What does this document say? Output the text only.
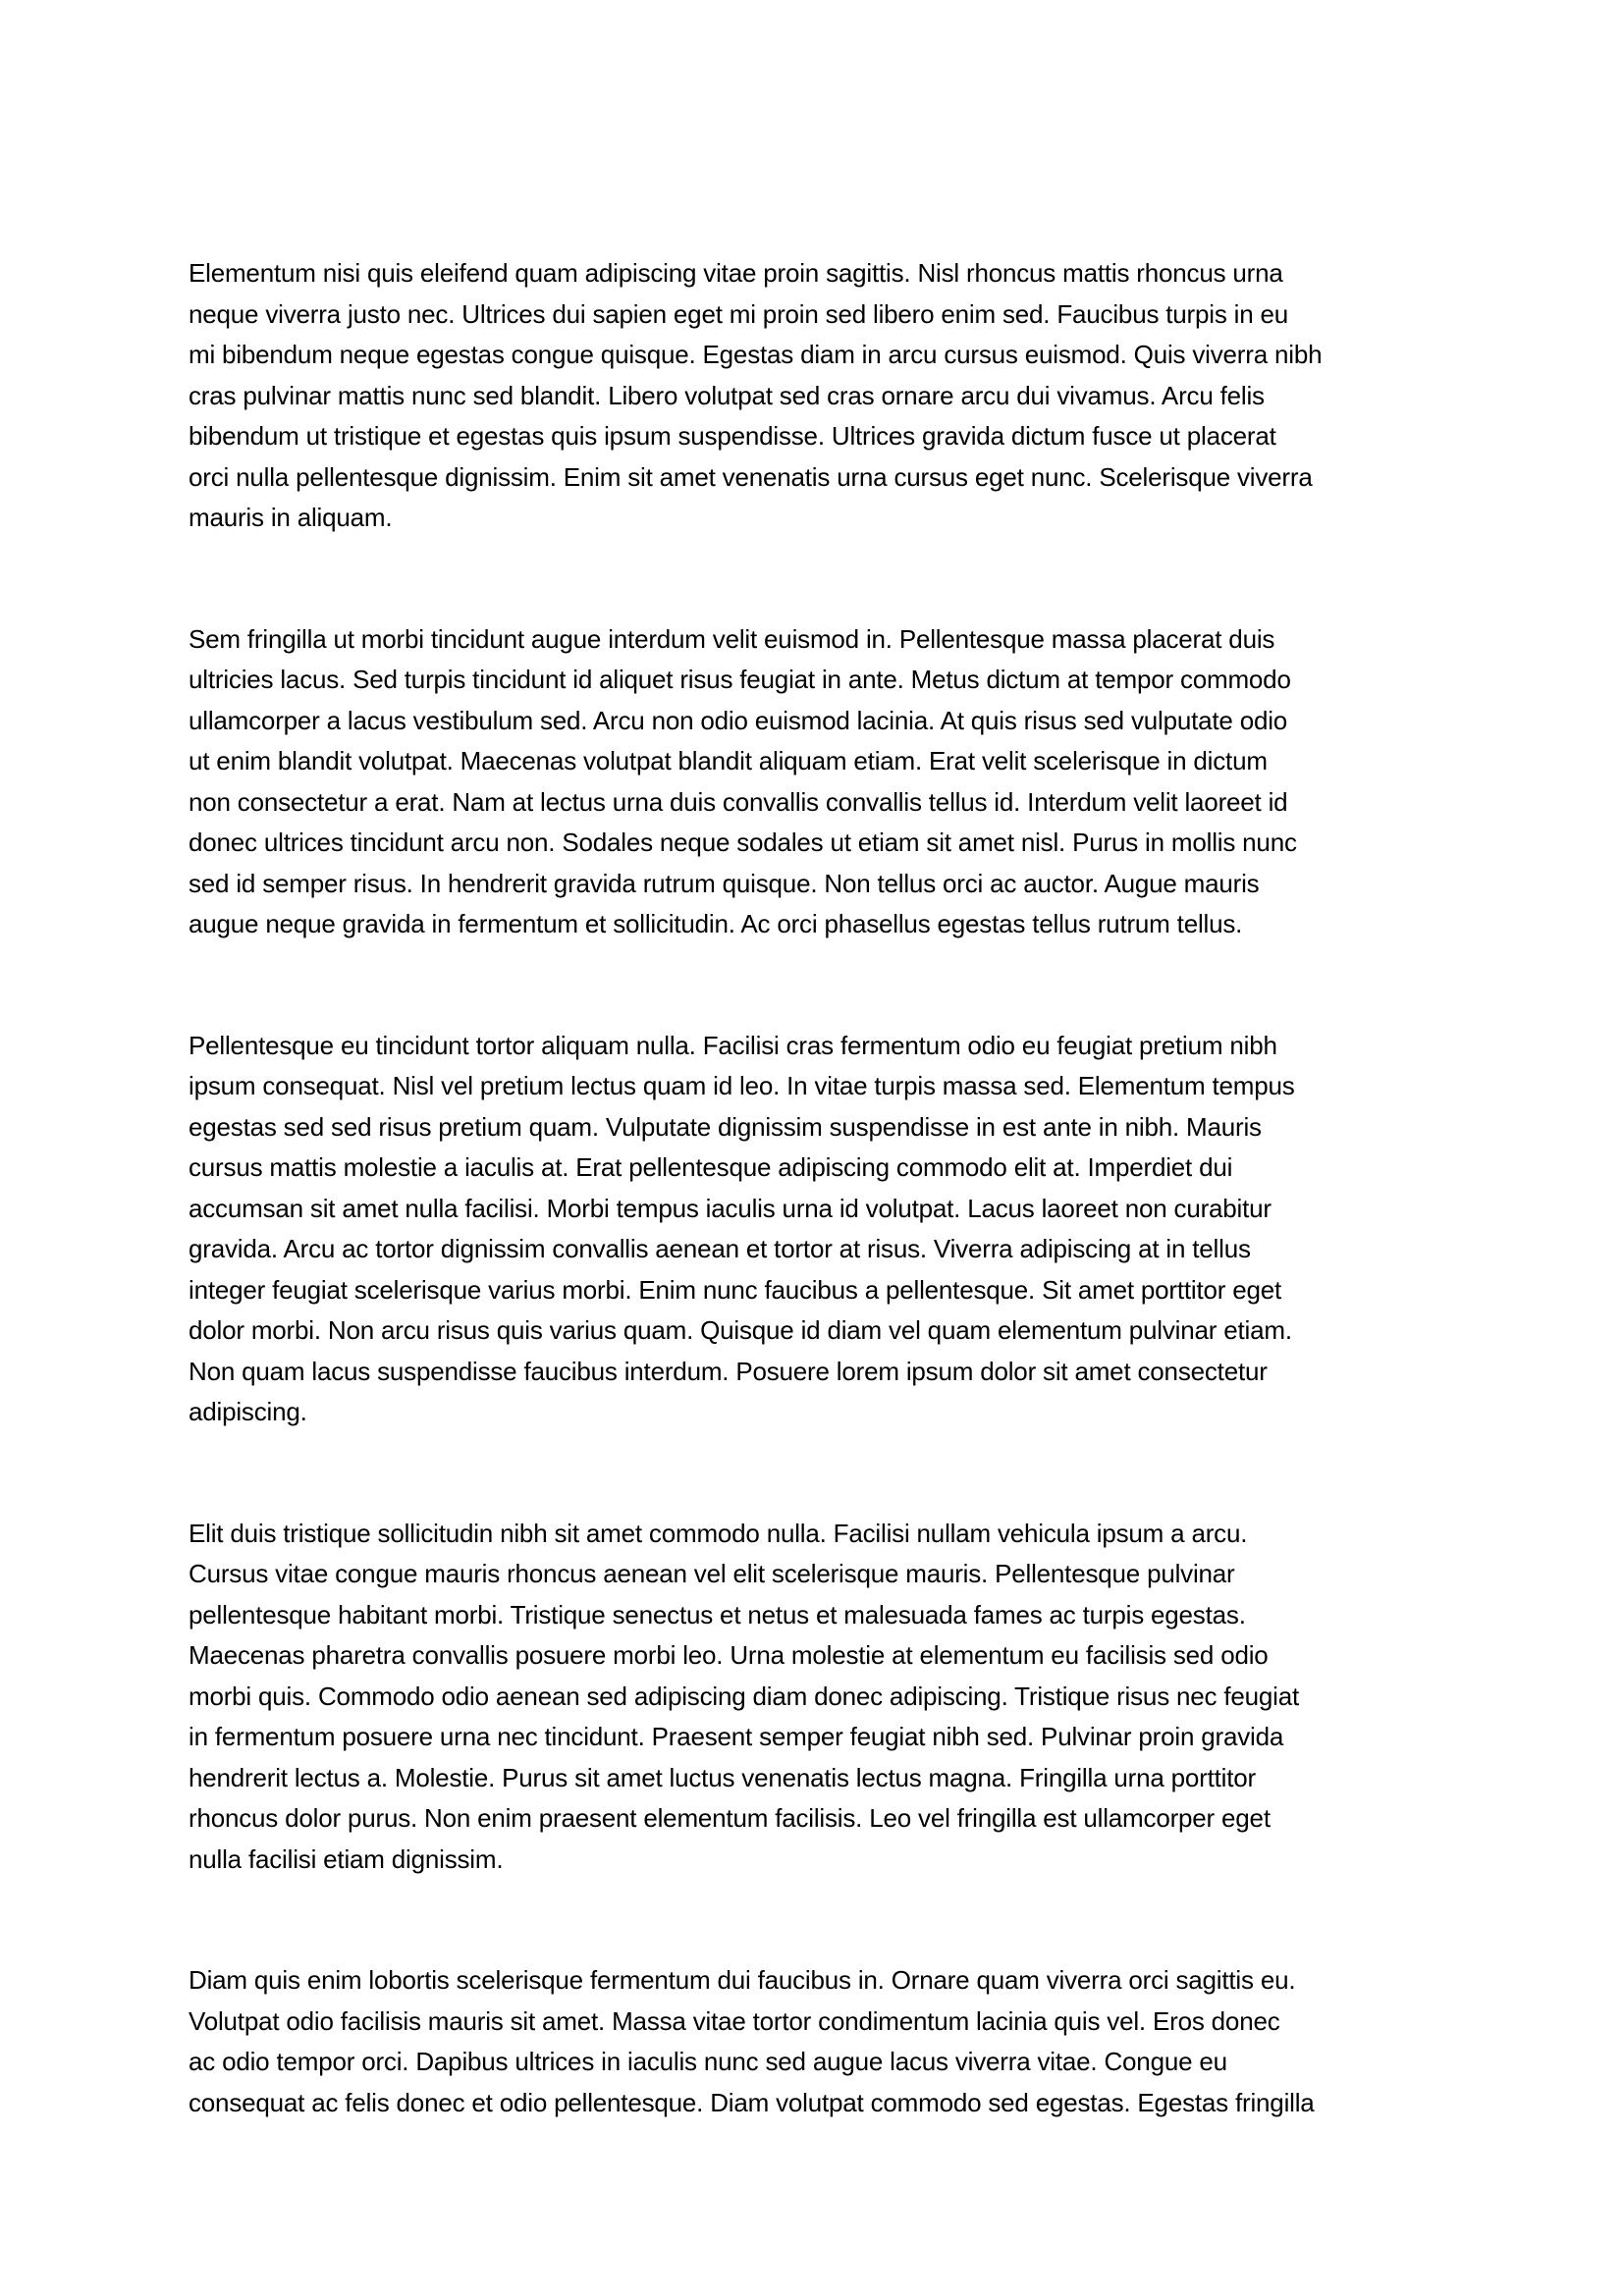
Elementum nisi quis eleifend quam adipiscing vitae proin sagittis. Nisl rhoncus mattis rhoncus urna
neque viverra justo nec. Ultrices dui sapien eget mi proin sed libero enim sed. Faucibus turpis in eu
mi bibendum neque egestas congue quisque. Egestas diam in arcu cursus euismod. Quis viverra nibh
cras pulvinar mattis nunc sed blandit. Libero volutpat sed cras ornare arcu dui vivamus. Arcu felis
bibendum ut tristique et egestas quis ipsum suspendisse. Ultrices gravida dictum fusce ut placerat
orci nulla pellentesque dignissim. Enim sit amet venenatis urna cursus eget nunc. Scelerisque viverra
mauris in aliquam.

Sem fringilla ut morbi tincidunt augue interdum velit euismod in. Pellentesque massa placerat duis
ultricies lacus. Sed turpis tincidunt id aliquet risus feugiat in ante. Metus dictum at tempor commodo
ullamcorper a lacus vestibulum sed. Arcu non odio euismod lacinia. At quis risus sed vulputate odio
ut enim blandit volutpat. Maecenas volutpat blandit aliquam etiam. Erat velit scelerisque in dictum
non consectetur a erat. Nam at lectus urna duis convallis convallis tellus id. Interdum velit laoreet id
donec ultrices tincidunt arcu non. Sodales neque sodales ut etiam sit amet nisl. Purus in mollis nunc
sed id semper risus. In hendrerit gravida rutrum quisque. Non tellus orci ac auctor. Augue mauris
augue neque gravida in fermentum et sollicitudin. Ac orci phasellus egestas tellus rutrum tellus.

Pellentesque eu tincidunt tortor aliquam nulla. Facilisi cras fermentum odio eu feugiat pretium nibh
ipsum consequat. Nisl vel pretium lectus quam id leo. In vitae turpis massa sed. Elementum tempus
egestas sed sed risus pretium quam. Vulputate dignissim suspendisse in est ante in nibh. Mauris
cursus mattis molestie a iaculis at. Erat pellentesque adipiscing commodo elit at. Imperdiet dui
accumsan sit amet nulla facilisi. Morbi tempus iaculis urna id volutpat. Lacus laoreet non curabitur
gravida. Arcu ac tortor dignissim convallis aenean et tortor at risus. Viverra adipiscing at in tellus
integer feugiat scelerisque varius morbi. Enim nunc faucibus a pellentesque. Sit amet porttitor eget
dolor morbi. Non arcu risus quis varius quam. Quisque id diam vel quam elementum pulvinar etiam.
Non quam lacus suspendisse faucibus interdum. Posuere lorem ipsum dolor sit amet consectetur
adipiscing.

Elit duis tristique sollicitudin nibh sit amet commodo nulla. Facilisi nullam vehicula ipsum a arcu.
Cursus vitae congue mauris rhoncus aenean vel elit scelerisque mauris. Pellentesque pulvinar
pellentesque habitant morbi. Tristique senectus et netus et malesuada fames ac turpis egestas.
Maecenas pharetra convallis posuere morbi leo. Urna molestie at elementum eu facilisis sed odio
morbi quis. Commodo odio aenean sed adipiscing diam donec adipiscing. Tristique risus nec feugiat
in fermentum posuere urna nec tincidunt. Praesent semper feugiat nibh sed. Pulvinar proin gravida
hendrerit lectus a. Molestie. Purus sit amet luctus venenatis lectus magna. Fringilla urna porttitor
rhoncus dolor purus. Non enim praesent elementum facilisis. Leo vel fringilla est ullamcorper eget
nulla facilisi etiam dignissim.

Diam quis enim lobortis scelerisque fermentum dui faucibus in. Ornare quam viverra orci sagittis eu.
Volutpat odio facilisis mauris sit amet. Massa vitae tortor condimentum lacinia quis vel. Eros donec
ac odio tempor orci. Dapibus ultrices in iaculis nunc sed augue lacus viverra vitae. Congue eu
consequat ac felis donec et odio pellentesque. Diam volutpat commodo sed egestas. Egestas fringilla
